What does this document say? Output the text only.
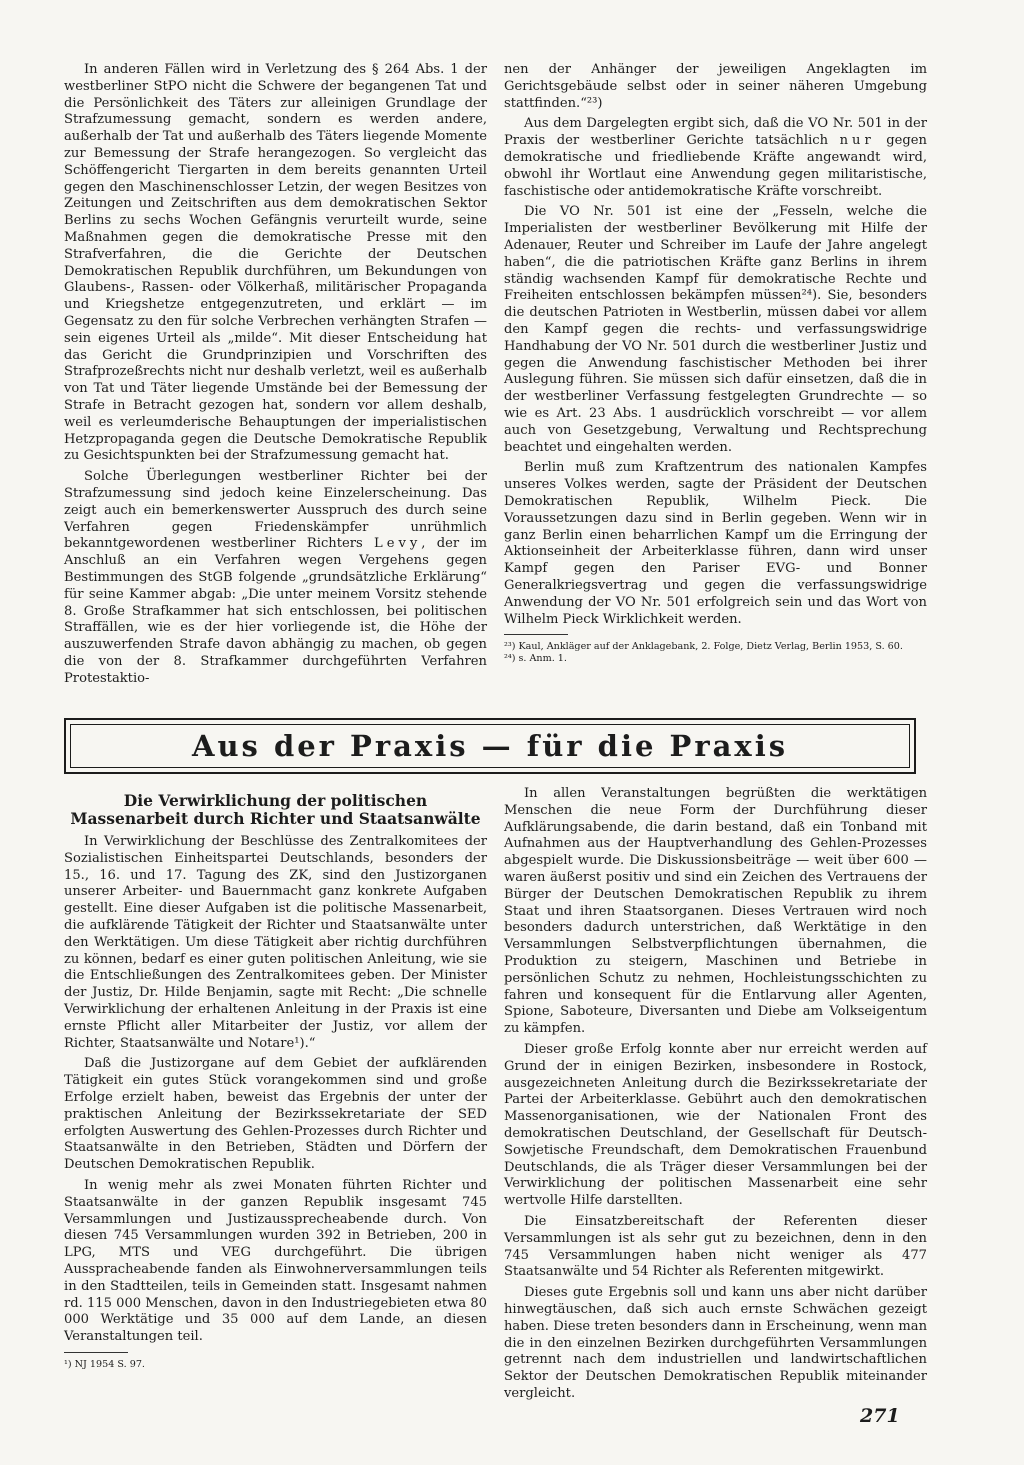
In anderen Fällen wird in Verletzung des § 264 Abs. 1 der westberliner StPO nicht die Schwere der begangenen Tat und die Persönlichkeit des Täters zur alleinigen Grundlage der Strafzumessung gemacht, sondern es werden andere, außerhalb der Tat und außerhalb des Täters liegende Momente zur Bemessung der Strafe herangezogen. So vergleicht das Schöffengericht Tiergarten in dem bereits genannten Urteil gegen den Maschinenschlosser Letzin, der wegen Besitzes von Zeitungen und Zeitschriften aus dem demokratischen Sektor Berlins zu sechs Wochen Gefängnis verurteilt wurde, seine Maßnahmen gegen die demokratische Presse mit den Strafverfahren, die die Gerichte der Deutschen Demokratischen Republik durchführen, um Bekundungen von Glaubens-, Rassen- oder Völkerhaß, militärischer Propaganda und Kriegshetze entgegenzutreten, und erklärt — im Gegensatz zu den für solche Verbrechen verhängten Strafen — sein eigenes Urteil als „milde“. Mit dieser Entscheidung hat das Gericht die Grundprinzipien und Vorschriften des Strafprozeßrechts nicht nur deshalb verletzt, weil es außerhalb von Tat und Täter liegende Umstände bei der Bemessung der Strafe in Betracht gezogen hat, sondern vor allem deshalb, weil es verleumderische Behauptungen der imperialistischen Hetzpropaganda gegen die Deutsche Demokratische Republik zu Gesichtspunkten bei der Strafzumessung gemacht hat.

Solche Überlegungen westberliner Richter bei der Strafzumessung sind jedoch keine Einzelerscheinung. Das zeigt auch ein bemerkenswerter Ausspruch des durch seine Verfahren gegen Friedenskämpfer unrühmlich bekanntgewordenen westberliner Richters Levy, der im Anschluß an ein Verfahren wegen Vergehens gegen Bestimmungen des StGB folgende „grundsätzliche Erklärung“ für seine Kammer abgab: „Die unter meinem Vorsitz stehende 8. Große Strafkammer hat sich entschlossen, bei politischen Straffällen, wie es der hier vorliegende ist, die Höhe der auszuwerfenden Strafe davon abhängig zu machen, ob gegen die von der 8. Strafkammer durchgeführten Verfahren Protestaktio-

nen der Anhänger der jeweiligen Angeklagten im Gerichtsgebäude selbst oder in seiner näheren Umgebung stattfinden.“²³)

Aus dem Dargelegten ergibt sich, daß die VO Nr. 501 in der Praxis der westberliner Gerichte tatsächlich nur gegen demokratische und friedliebende Kräfte angewandt wird, obwohl ihr Wortlaut eine Anwendung gegen militaristische, faschistische oder antidemokratische Kräfte vorschreibt.

Die VO Nr. 501 ist eine der „Fesseln, welche die Imperialisten der westberliner Bevölkerung mit Hilfe der Adenauer, Reuter und Schreiber im Laufe der Jahre angelegt haben“, die die patriotischen Kräfte ganz Berlins in ihrem ständig wachsenden Kampf für demokratische Rechte und Freiheiten entschlossen bekämpfen müssen²⁴). Sie, besonders die deutschen Patrioten in Westberlin, müssen dabei vor allem den Kampf gegen die rechts- und verfassungswidrige Handhabung der VO Nr. 501 durch die westberliner Justiz und gegen die Anwendung faschistischer Methoden bei ihrer Auslegung führen. Sie müssen sich dafür einsetzen, daß die in der westberliner Verfassung festgelegten Grundrechte — so wie es Art. 23 Abs. 1 ausdrücklich vorschreibt — vor allem auch von Gesetzgebung, Verwaltung und Rechtsprechung beachtet und eingehalten werden.

Berlin muß zum Kraftzentrum des nationalen Kampfes unseres Volkes werden, sagte der Präsident der Deutschen Demokratischen Republik, Wilhelm Pieck. Die Voraussetzungen dazu sind in Berlin gegeben. Wenn wir in ganz Berlin einen beharrlichen Kampf um die Erringung der Aktionseinheit der Arbeiterklasse führen, dann wird unser Kampf gegen den Pariser EVG- und Bonner Generalkriegsvertrag und gegen die verfassungswidrige Anwendung der VO Nr. 501 erfolgreich sein und das Wort von Wilhelm Pieck Wirklichkeit werden.

²³) Kaul, Ankläger auf der Anklagebank, 2. Folge, Dietz Verlag, Berlin 1953, S. 60.
²⁴) s. Anm. 1.
Aus der Praxis — für die Praxis
Die Verwirklichung der politischen Massenarbeit durch Richter und Staatsanwälte

In Verwirklichung der Beschlüsse des Zentralkomitees der Sozialistischen Einheitspartei Deutschlands, besonders der 15., 16. und 17. Tagung des ZK, sind den Justizorganen unserer Arbeiter- und Bauernmacht ganz konkrete Aufgaben gestellt. Eine dieser Aufgaben ist die politische Massenarbeit, die aufklärende Tätigkeit der Richter und Staatsanwälte unter den Werktätigen. Um diese Tätigkeit aber richtig durchführen zu können, bedarf es einer guten politischen Anleitung, wie sie die Entschließungen des Zentralkomitees geben. Der Minister der Justiz, Dr. Hilde Benjamin, sagte mit Recht: „Die schnelle Verwirklichung der erhaltenen Anleitung in der Praxis ist eine ernste Pflicht aller Mitarbeiter der Justiz, vor allem der Richter, Staatsanwälte und Notare¹).“

Daß die Justizorgane auf dem Gebiet der aufklärenden Tätigkeit ein gutes Stück vorangekommen sind und große Erfolge erzielt haben, beweist das Ergebnis der unter der praktischen Anleitung der Bezirkssekretariate der SED erfolgten Auswertung des Gehlen-Prozesses durch Richter und Staatsanwälte in den Betrieben, Städten und Dörfern der Deutschen Demokratischen Republik.

In wenig mehr als zwei Monaten führten Richter und Staatsanwälte in der ganzen Republik insgesamt 745 Versammlungen und Justizaussprecheabende durch. Von diesen 745 Versammlungen wurden 392 in Betrieben, 200 in LPG, MTS und VEG durchgeführt. Die übrigen Ausspracheabende fanden als Einwohnerversammlungen teils in den Stadtteilen, teils in Gemeinden statt. Insgesamt nahmen rd. 115 000 Menschen, davon in den Industriegebieten etwa 80 000 Werktätige und 35 000 auf dem Lande, an diesen Veranstaltungen teil.

¹) NJ 1954 S. 97.

In allen Veranstaltungen begrüßten die werktätigen Menschen die neue Form der Durchführung dieser Aufklärungsabende, die darin bestand, daß ein Tonband mit Aufnahmen aus der Hauptverhandlung des Gehlen-Prozesses abgespielt wurde. Die Diskussionsbeiträge — weit über 600 — waren äußerst positiv und sind ein Zeichen des Vertrauens der Bürger der Deutschen Demokratischen Republik zu ihrem Staat und ihren Staatsorganen. Dieses Vertrauen wird noch besonders dadurch unterstrichen, daß Werktätige in den Versammlungen Selbstverpflichtungen übernahmen, die Produktion zu steigern, Maschinen und Betriebe in persönlichen Schutz zu nehmen, Hochleistungsschichten zu fahren und konsequent für die Entlarvung aller Agenten, Spione, Saboteure, Diversanten und Diebe am Volkseigentum zu kämpfen.

Dieser große Erfolg konnte aber nur erreicht werden auf Grund der in einigen Bezirken, insbesondere in Rostock, ausgezeichneten Anleitung durch die Bezirkssekretariate der Partei der Arbeiterklasse. Gebührt auch den demokratischen Massenorganisationen, wie der Nationalen Front des demokratischen Deutschland, der Gesellschaft für Deutsch-Sowjetische Freundschaft, dem Demokratischen Frauenbund Deutschlands, die als Träger dieser Versammlungen bei der Verwirklichung der politischen Massenarbeit eine sehr wertvolle Hilfe darstellten.

Die Einsatzbereitschaft der Referenten dieser Versammlungen ist als sehr gut zu bezeichnen, denn in den 745 Versammlungen haben nicht weniger als 477 Staatsanwälte und 54 Richter als Referenten mitgewirkt.

Dieses gute Ergebnis soll und kann uns aber nicht darüber hinwegtäuschen, daß sich auch ernste Schwächen gezeigt haben. Diese treten besonders dann in Erscheinung, wenn man die in den einzelnen Bezirken durchgeführten Versammlungen getrennt nach dem industriellen und landwirtschaftlichen Sektor der Deutschen Demokratischen Republik miteinander vergleicht.

271
